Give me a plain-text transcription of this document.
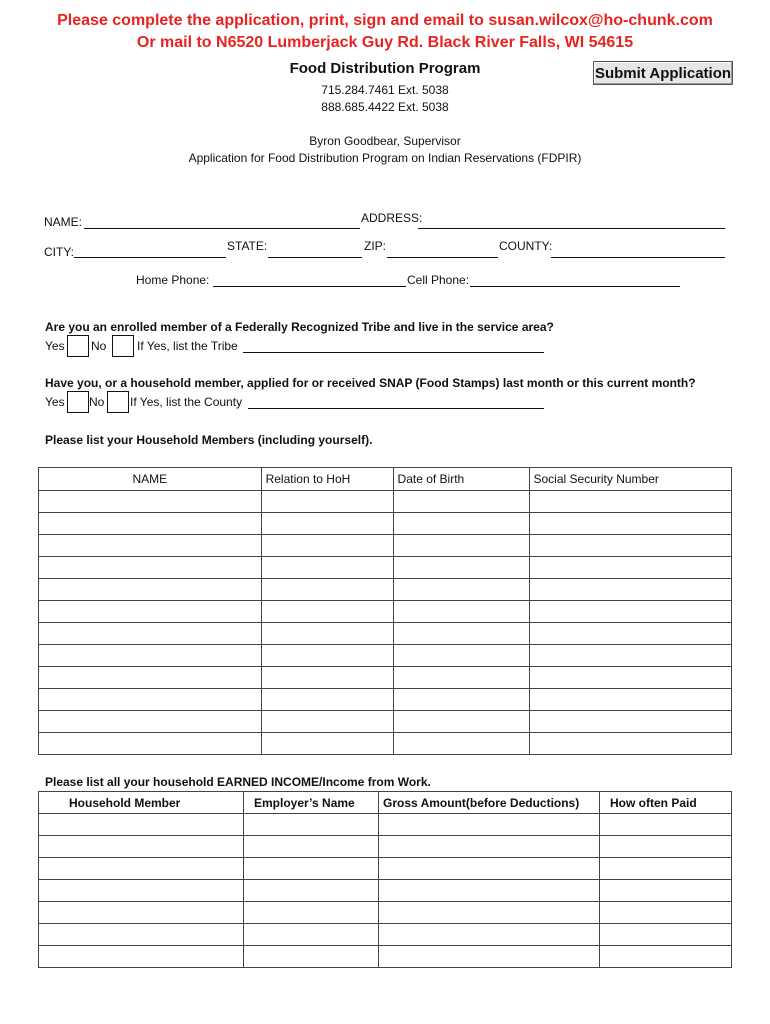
Please complete the application, print, sign and email to susan.wilcox@ho-chunk.com
Or mail to N6520 Lumberjack Guy Rd. Black River Falls, WI 54615
Food Distribution Program	Submit Application
715.284.7461 Ext. 5038
888.685.4422 Ext. 5038
Byron Goodbear, Supervisor
Application for Food Distribution Program on Indian Reservations (FDPIR)
NAME:	ADDRESS:
CITY:	STATE:	ZIP:	COUNTY:
Home Phone:	Cell Phone:
Are you an enrolled member of a Federally Recognized Tribe and live in the service area?
Yes No	If Yes, list the Tribe
Have you, or a household member, applied for or received SNAP (Food Stamps) last month or this current month?
Yes No If Yes, list the County
Please list your Household Members (including yourself).
NAME	Relation to HoH	Date of Birth	Social Security Number

Please list all your household EARNED INCOME/Income from Work.
Household Member	Employer’s Name	Gross Amount(before Deductions)	How often Paid
